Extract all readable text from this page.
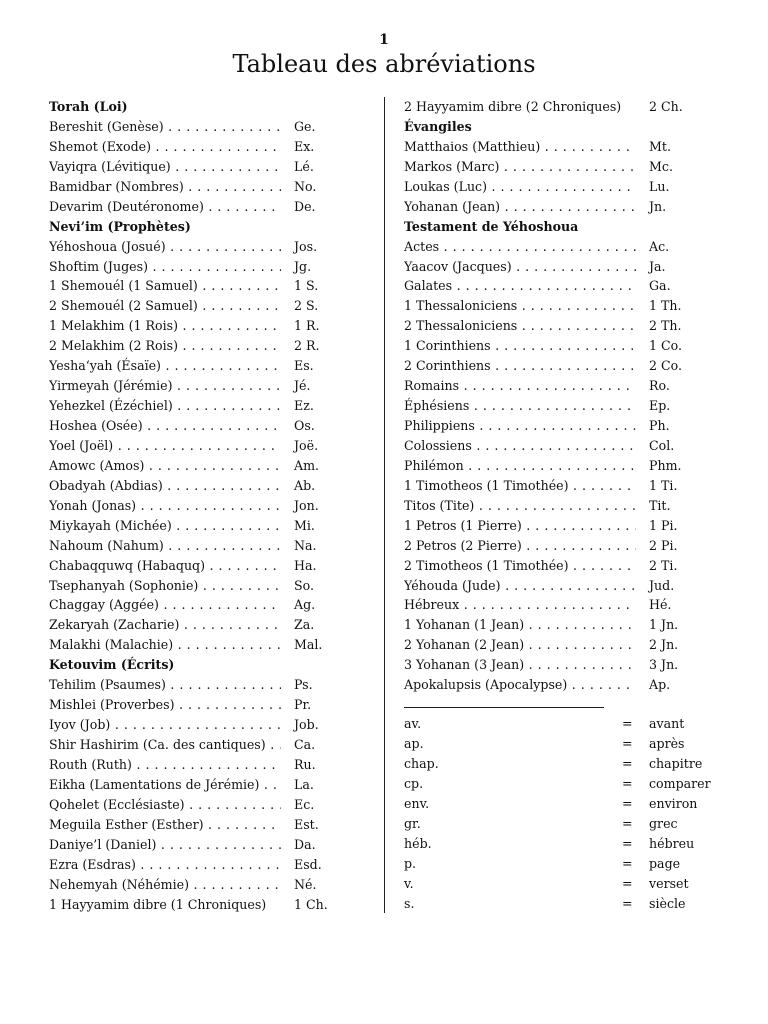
1
Tableau des abréviations
Torah (Loi)
Bereshit (Genèse) . . .	Ge.
Shemot (Exode) . . .	Ex.
Vayiqra (Lévitique) . . .	Lé.
Bamidbar (Nombres) . . .	No.
Devarim (Deutéronome) . . .	De.
Nevi’im (Prophètes)
Yéhoshoua (Josué) . . .	Jos.
Shoftim (Juges) . . .	Jg.
1 Shemouél (1 Samuel) . . .	1 S.
2 Shemouél (2 Samuel) . . .	2 S.
1 Melakhim (1 Rois) . . .	1 R.
2 Melakhim (2 Rois) . . .	2 R.
Yesha‘yah (Ésaïe) . . .	Es.
Yirmeyah (Jérémie) . . .	Jé.
Yehezkel (Ézéchiel) . . .	Ez.
Hoshea (Osée) . . .	Os.
Yoel (Joël) . . .	Joë.
Amowc (Amos) . . .	Am.
Obadyah (Abdias) . . .	Ab.
Yonah (Jonas) . . .	Jon.
Miykayah (Michée) . . .	Mi.
Nahoum (Nahum) . . .	Na.
Chabaqquwq (Habaquq) . . .	Ha.
Tsephanyah (Sophonie) . . .	So.
Chaggay (Aggée) . . .	Ag.
Zekaryah (Zacharie) . . .	Za.
Malakhi (Malachie) . . .	Mal.
Ketouvim (Écrits)
Tehilim (Psaumes) . . .	Ps.
Mishlei (Proverbes) . . .	Pr.
Iyov (Job) . . .	Job.
Shir Hashirim (Ca. des cantiques) . . .	Ca.
Routh (Ruth) . . .	Ru.
Eikha (Lamentations de Jérémie) . . .	La.
Qohelet (Ecclésiaste) . . .	Ec.
Meguila Esther (Esther) . . .	Est.
Daniye’l (Daniel) . . .	Da.
Ezra (Esdras) . . .	Esd.
Nehemyah (Néhémie) . . .	Né.
1 Hayyamim dibre (1 Chroniques)	1 Ch.
2 Hayyamim dibre (2 Chroniques)	2 Ch.
Évangiles
Matthaios (Matthieu) . . .	Mt.
Markos (Marc) . . .	Mc.
Loukas (Luc) . . .	Lu.
Yohanan (Jean) . . .	Jn.
Testament de Yéhoshoua
Actes . . .	Ac.
Yaacov (Jacques) . . .	Ja.
Galates . . .	Ga.
1 Thessaloniciens . . .	1 Th.
2 Thessaloniciens . . .	2 Th.
1 Corinthiens . . .	1 Co.
2 Corinthiens . . .	2 Co.
Romains . . .	Ro.
Éphésiens . . .	Ep.
Philippiens . . .	Ph.
Colossiens . . .	Col.
Philémon . . .	Phm.
1 Timotheos (1 Timothée) . . .	1 Ti.
Titos (Tite) . . .	Tit.
1 Petros (1 Pierre) . . .	1 Pi.
2 Petros (2 Pierre) . . .	2 Pi.
2 Timotheos (1 Timothée) . . .	2 Ti.
Yéhouda (Jude) . . .	Jud.
Hébreux . . .	Hé.
1 Yohanan (1 Jean) . . .	1 Jn.
2 Yohanan (2 Jean) . . .	2 Jn.
3 Yohanan (3 Jean) . . .	3 Jn.
Apokalupsis (Apocalypse) . . .	Ap.
av.	= avant
ap.	= après
chap.	= chapitre
cp.	= comparer
env.	= environ
gr.	= grec
héb.	= hébreu
p.	= page
v.	= verset
s.	= siècle
